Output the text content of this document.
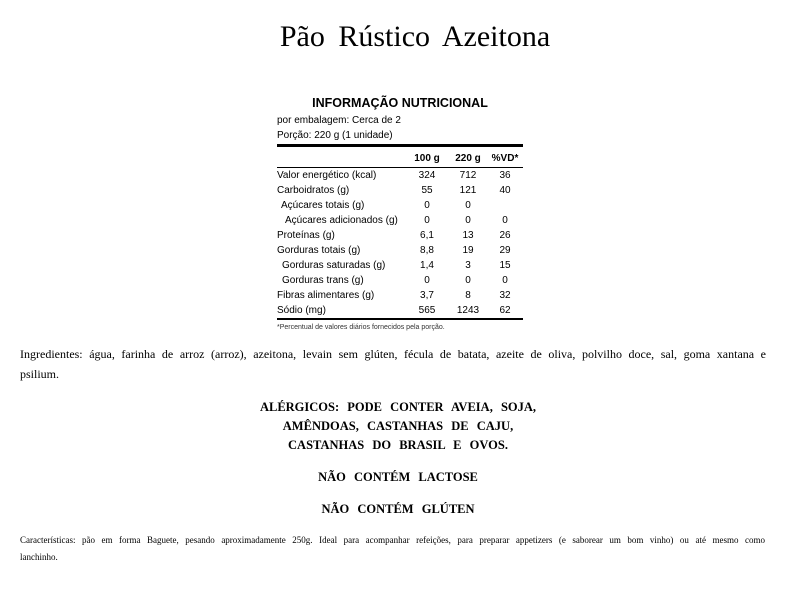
Pão Rústico Azeitona
INFORMAÇÃO NUTRICIONAL
por embalagem: Cerca de 2
Porção: 220 g (1 unidade)
	100 g	220 g	%VD*
Valor energético (kcal)	324	712	36
Carboidratos (g)	55	121	40
Açúcares totais (g)	0	0	
Açúcares adicionados (g)	0	0	0
Proteínas (g)	6,1	13	26
Gorduras totais (g)	8,8	19	29
Gorduras saturadas (g)	1,4	3	15
Gorduras trans (g)	0	0	0
Fibras alimentares (g)	3,7	8	32
Sódio (mg)	565	1243	62
*Percentual de valores diários fornecidos pela porção.
Ingredientes: água, farinha de arroz (arroz), azeitona, levain sem glúten, fécula de batata, azeite de oliva, polvilho doce, sal, goma xantana e psilium.
ALÉRGICOS: PODE CONTER AVEIA, SOJA,
AMÊNDOAS, CASTANHAS DE CAJU,
CASTANHAS DO BRASIL E OVOS.
NÃO CONTÉM LACTOSE
NÃO CONTÉM GLÚTEN
Características: pão em forma Baguete, pesando aproximadamente 250g. Ideal para acompanhar refeições, para preparar appetizers (e saborear um bom vinho) ou até mesmo como lanchinho.
